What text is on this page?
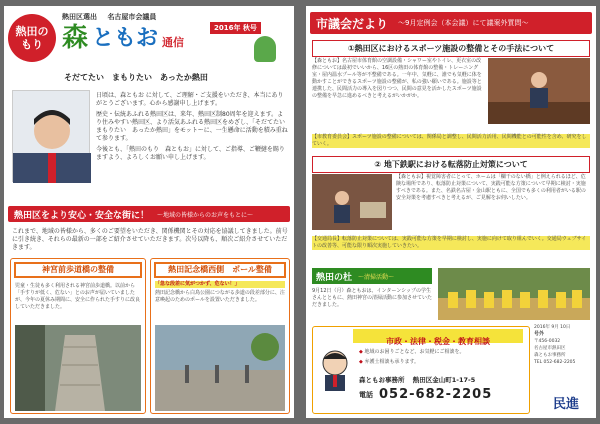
熱田の
もり
熱田区選出 名古屋市会議員
2016年 秋号
森 ともお 通信
そだてたい　まもりたい　あったか熱田

日頃は、森ともお に対して、ご理解・ご支援をいただき、本当にありがとうございます。心から感謝申し上げます。

歴史・伝統あふれる熱田区は、来年、熱田区制80周年を迎えます。より住みやすい熱田区、より活気あふれる熱田区をめざし、「そだてたい　まもりたい　あったか熱田」をモットーに、一生懸命に活動を積み重ねて参ります。

今後とも、「熱田のもり　森ともお」に対して、ご指導、ご鞭撻を賜りますよう、よろしくお願い申し上げます。

熱田区をより安心・安全な街に！ ～地域の皆様からのお声をもとに～

これまで、地域の皆様から、多くのご要望をいただき、関係機関とその対応を協議してきました。前号に引き続き、それらの最新の一部をご紹介させていただきます。次号以降も、順次ご紹介させていただきます。

神宮前歩道橋の整備

児童・生徒も多く利用される神宮前歩道橋。以前から「手すりが低く、危ない」とのお声が届いていましたが、今年の夏休み期間に、安全に作られた手すりに改良していただきました。

熱田記念橋西側　ポール整備

「急な段差に気がつかず、危ない！」

熱田記念橋から白鳥公園につながる歩道の段差部分に、注意喚起のためのポールを設置いただきました。

市議会だより ～9月定例会（本会議）にて議案外質問～
①熱田区におけるスポーツ施設の整備とその手法について

【森ともお】名古屋市体育館の空調設備・シャワー室やトイレ、更衣室の改修については最初でいいから、16区の熱田の体育館の整備・トレーニング室・屋内温水プール等が不整備である。一年中、気軽に、誰でも気軽に体を動かすことができるスポーツ施設の整備が、私の強い願いである。施設等と連携した、民間活力の導入を図りつつ、民間の意見を活かしたスポーツ施設の整備を早急に進めるべきと考えるがいかがか。

【市教育委員会】スポーツ施設の整備については、関係局と調整し、民間活力活用、民間機能との可能性を含め、研究をしていく。

② 地下鉄駅における転落防止対策について

【森ともお】視覚障害者にとって、ホームは「欄干のない橋」と例えられるほど、危険な場所であり、転落防止対策について、実践可能な方策について早期に検討・実施すべきである。また、名鉄名古屋・金山駅ともに、全国でも多くの利用者がいる駅の安全対策を考慮すべきと考えるが、ご見解をお伺いしたい。

【交通局長】転落防止対策については、実践可能な方策を早期に検討し、実施に向けて取り組んでいく。交通局ウェブサイトの改善等、可能な限り順次実施していきたい。

熱田の杜 ～清掃活動～

9月12日（月）森ともおは、インターンシップの学生さんとともに、熱田神宮の清掃活動に参加させていただきました。

2016年 9月 10日

号外

〒456-0032

名古屋市熱田区

森ともお事務所

TEL 052-682-2205

市政・法律・税金・教育相談

◆ 地域のお困りごとなど、お気軽にご相談を。

◆ 弁護士相談も承ります。

森ともお事務所 熱田区金山町1-17-5
電話 052-682-2205
民進
